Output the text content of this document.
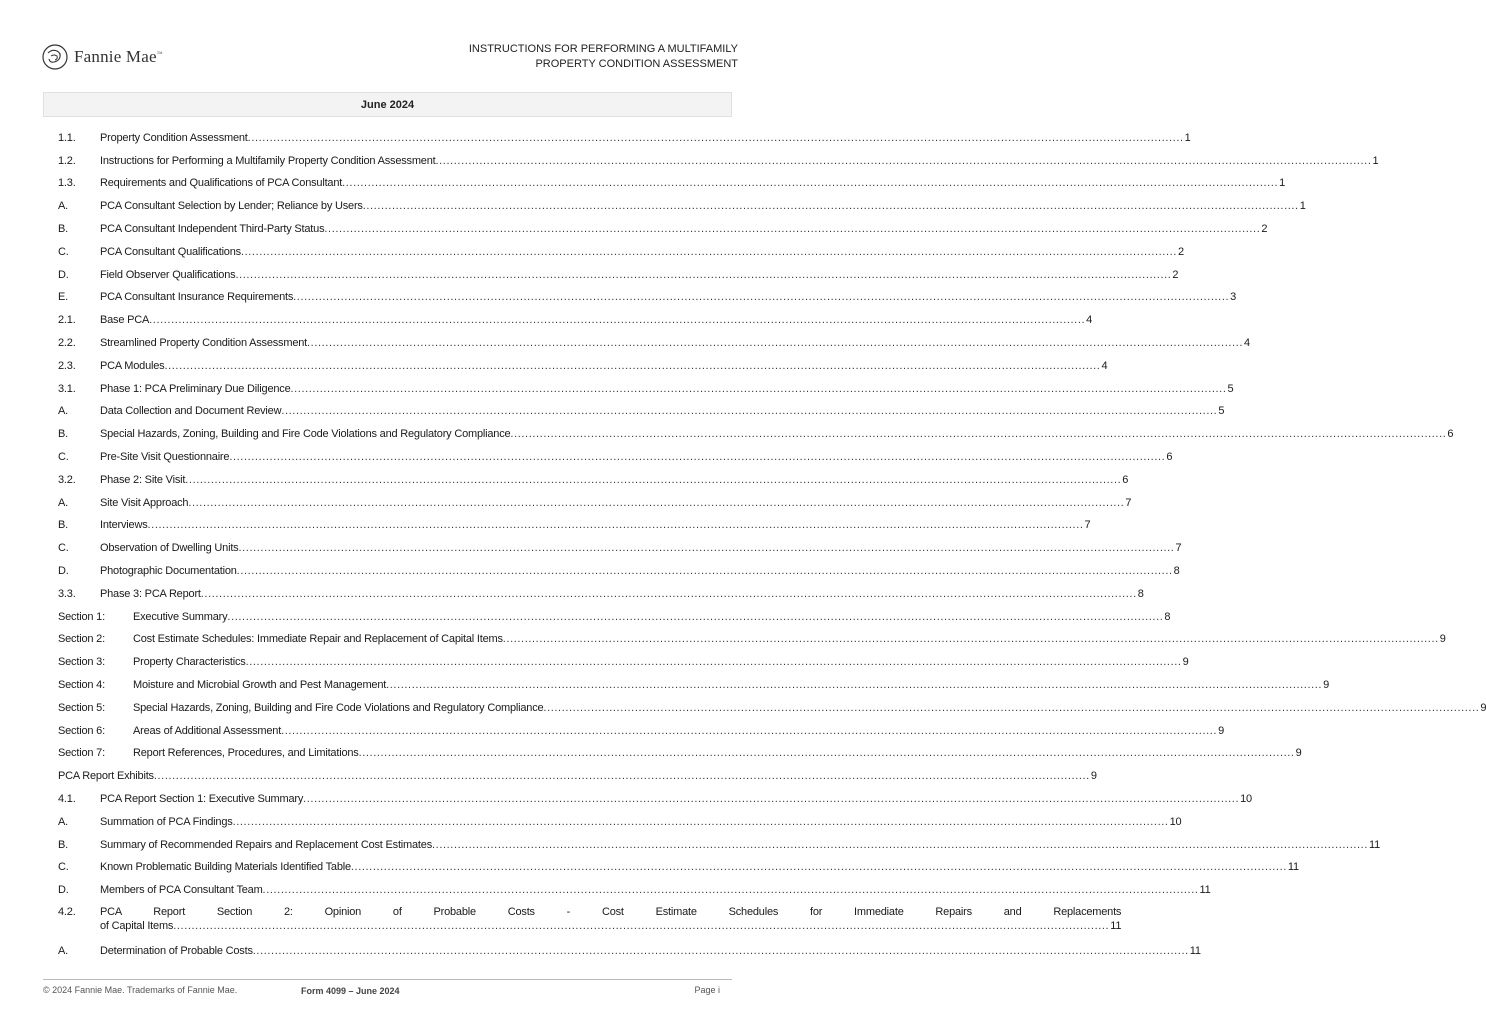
Fannie Mae™	INSTRUCTIONS FOR PERFORMING A MULTIFAMILY
PROPERTY CONDITION ASSESSMENT
June 2024
1.1.	Property Condition Assessment .....	1
1.2.	Instructions for Performing a Multifamily Property Condition Assessment .....	1
1.3.	Requirements and Qualifications of PCA Consultant .....	1
A.	PCA Consultant Selection by Lender; Reliance by Users .....	1
B.	PCA Consultant Independent Third-Party Status .....	2
C.	PCA Consultant Qualifications .....	2
D.	Field Observer Qualifications .....	2
E.	PCA Consultant Insurance Requirements .....	3
2.1.	Base PCA .....	4
2.2.	Streamlined Property Condition Assessment .....	4
2.3.	PCA Modules .....	4
3.1.	Phase 1: PCA Preliminary Due Diligence .....	5
A.	Data Collection and Document Review .....	5
B.	Special Hazards, Zoning, Building and Fire Code Violations and Regulatory Compliance .....	6
C.	Pre-Site Visit Questionnaire .....	6
3.2.	Phase 2: Site Visit .....	6
A.	Site Visit Approach .....	7
B.	Interviews .....	7
C.	Observation of Dwelling Units .....	7
D.	Photographic Documentation .....	8
3.3.	Phase 3: PCA Report .....	8
Section 1:	Executive Summary .....	8
Section 2:	Cost Estimate Schedules: Immediate Repair and Replacement of Capital Items .....	9
Section 3:	Property Characteristics .....	9
Section 4:	Moisture and Microbial Growth and Pest Management .....	9
Section 5:	Special Hazards, Zoning, Building and Fire Code Violations and Regulatory Compliance .....	9
Section 6:	Areas of Additional Assessment .....	9
Section 7:	Report References, Procedures, and Limitations .....	9
PCA Report Exhibits .....	9
4.1.	PCA Report Section 1: Executive Summary .....	10
A.	Summation of PCA Findings .....	10
B.	Summary of Recommended Repairs and Replacement Cost Estimates .....	11
C.	Known Problematic Building Materials Identified Table .....	11
D.	Members of PCA Consultant Team .....	11
4.2.	PCA Report Section 2: Opinion of Probable Costs - Cost Estimate Schedules for Immediate Repairs and Replacements
of Capital Items .....	11
A.	Determination of Probable Costs .....	11
© 2024 Fannie Mae. Trademarks of Fannie Mae.	Form 4099 – June 2024	Page i
